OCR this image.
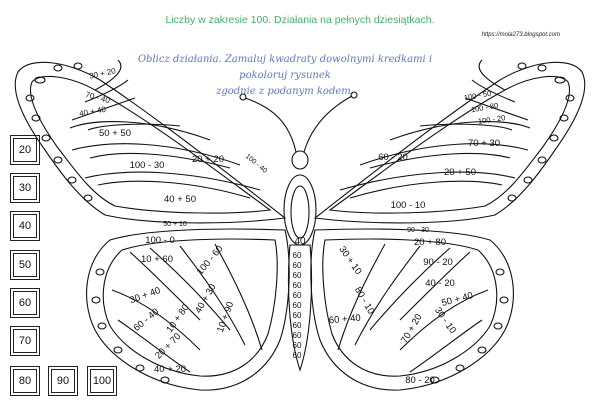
Liczby w zakresie 100. Działania na pełnych dziesiątkach.
https://mola273.blogspot.com
Oblicz działania. Zamaluj kwadraty dowolnymi kredkami i pokoloruj rysunek
zgodnie z podanym kodem.
20
30
40
50
60
70
80	90	100
30 + 20
70 - 40
40 + 40
50 + 50
20 + 20
100 - 30
40 + 50
100 - 40
100 - 50
100 - 80
100 - 20
70 + 30
60 - 20
20 + 50
100 - 10
50 + 10
90 - 30
100 - 0
10 + 60
30 + 40
60 - 40
20 + 70
10 + 80
40 + 30
10 + 90
100 - 60
40 + 20
20 + 80
30 + 10	90 - 20
40 - 20
50 + 40
80 - 10
60 + 40	70 + 20 30 - 10
80 - 20
40
60
60
60
60
60
60
60
60
60
60
60
